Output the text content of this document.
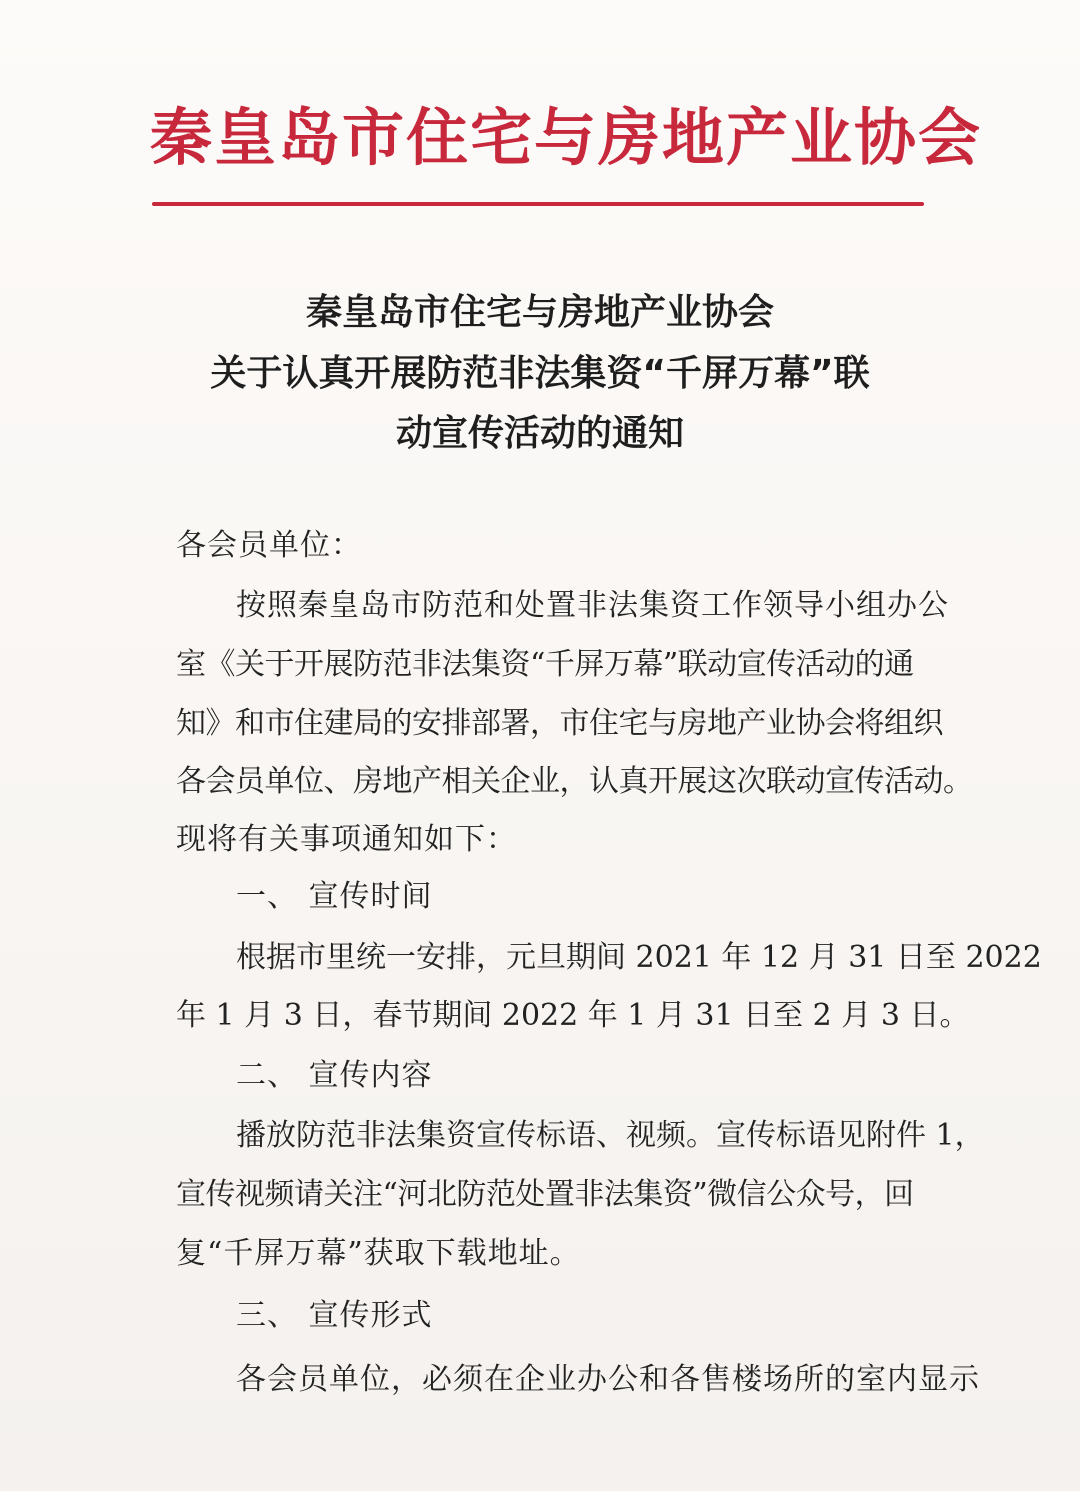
秦皇岛市住宅与房地产业协会
秦皇岛市住宅与房地产业协会
关于认真开展防范非法集资“千屏万幕”联
动宣传活动的通知
各会员单位：
按照秦皇岛市防范和处置非法集资工作领导小组办公
室《关于开展防范非法集资“千屏万幕”联动宣传活动的通
知》和市住建局的安排部署，市住宅与房地产业协会将组织
各会员单位、房地产相关企业，认真开展这次联动宣传活动。
现将有关事项通知如下：
一、 宣传时间
根据市里统一安排，元旦期间 2021 年 12 月 31 日至 2022
年 1 月 3 日，春节期间 2022 年 1 月 31 日至 2 月 3 日。
二、 宣传内容
播放防范非法集资宣传标语、视频。宣传标语见附件 1，
宣传视频请关注“河北防范处置非法集资”微信公众号，回
复“千屏万幕”获取下载地址。
三、 宣传形式
各会员单位，必须在企业办公和各售楼场所的室内显示
